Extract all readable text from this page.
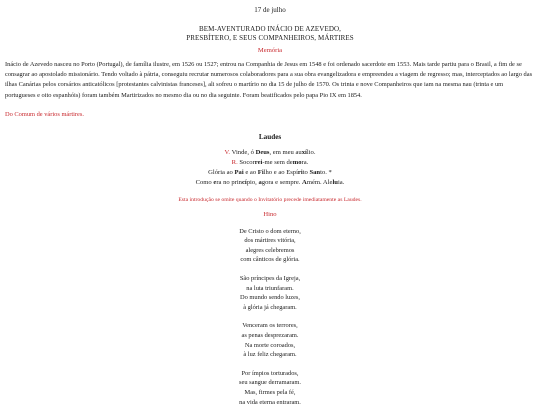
17 de julho
BEM-AVENTURADO INÁCIO DE AZEVEDO,
PRESBÍTERO, E SEUS COMPANHEIROS, MÁRTIRES
Memória

Inácio de Azevedo nasceu no Porto (Portugal), de família ilustre, em 1526 ou 1527; entrou na Companhia de Jesus em 1548 e foi ordenado sacerdote em 1553. Mais tarde partiu para o Brasil, a fim de se consagrar ao apostolado missionário. Tendo voltado à pátria, conseguiu recrutar numerosos colaboradores para a sua obra evangelizadora e empreendeu a viagem de regresso; mas, interceptados ao largo das ilhas Canárias pelos corsários anticatólicos [protestantes calvinistas franceses], ali sofreu o martírio no dia 15 de julho de 1570. Os trinta e nove Companheiros que iam na mesma nau (trinta e um portugueses e oito espanhóis) foram também Martirizados no mesmo dia ou no dia seguinte. Foram beatificados pelo papa Pio IX em 1854.

Do Comum de vários mártires.
Laudes
V. Vinde, ó Deus, em meu auxílio.
R. Socorrei-me sem demora.
Glória ao Pai e ao Filho e ao Espírito Santo. *
Como era no princípio, agora e sempre. Amém. Aleluia.
Esta introdução se omite quando o Invitatório precede imediatamente as Laudes.
Hino
De Cristo o dom eterno,
dos mártires vitória,
alegres celebremos
com cânticos de glória.
São príncipes da Igreja,
na luta triunfaram.
Do mundo sendo luzes,
à glória já chegaram.
Venceram os terrores,
as penas desprezaram.
Na morte coroados,
à luz feliz chegaram.
Por ímpios torturados,
seu sangue derramaram.
Mas, firmes pela fé,
na vida eterna entraram.
